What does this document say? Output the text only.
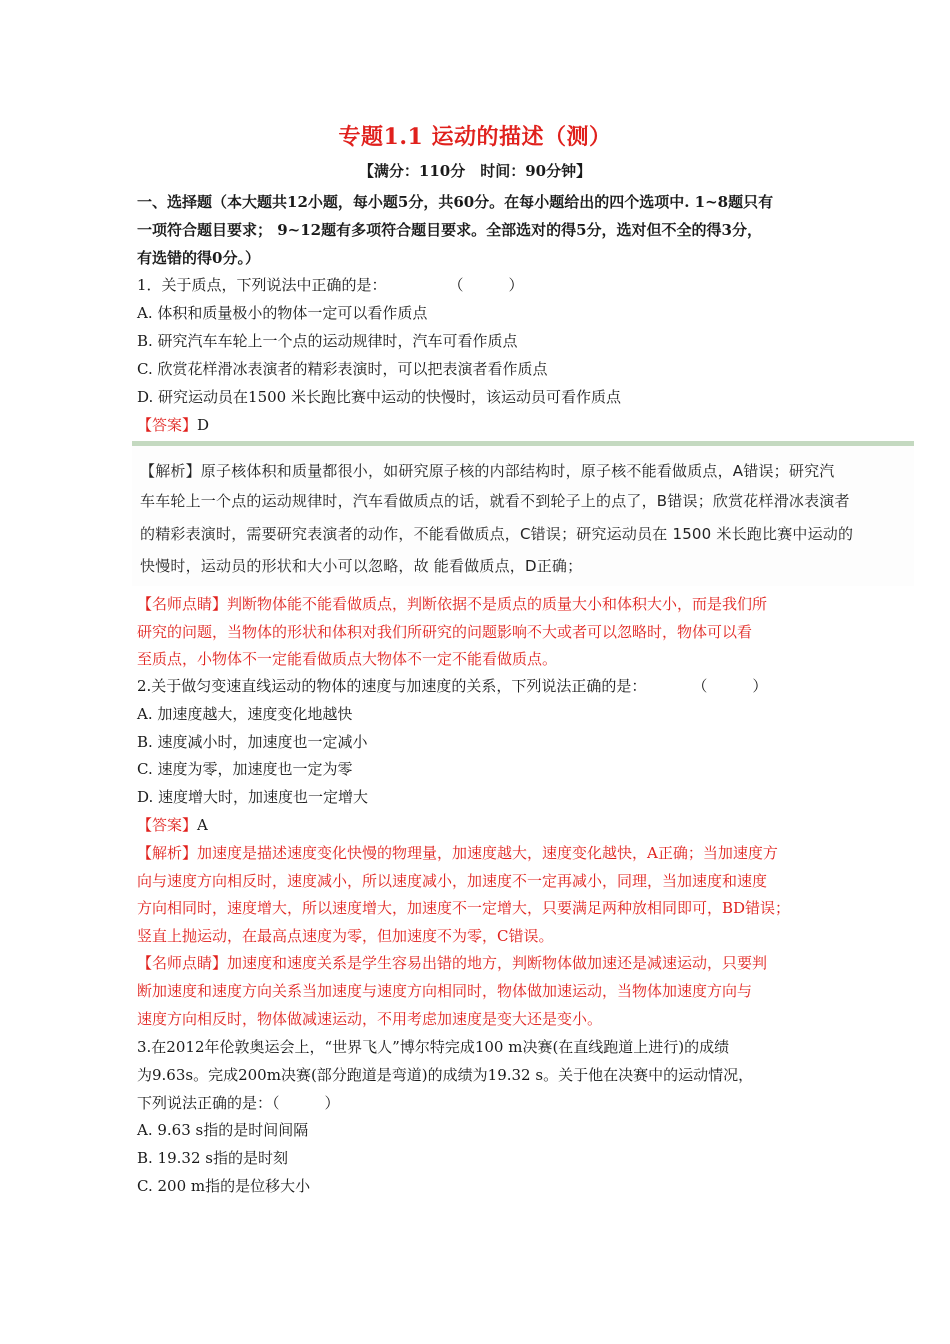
专题1.1 运动的描述（测）
【满分：110分　时间：90分钟】
一、选择题（本大题共12小题，每小题5分，共60分。在每小题给出的四个选项中. 1~8题只有
一项符合题目要求； 9~12题有多项符合题目要求。全部选对的得5分，选对但不全的得3分，
有选错的得0分。）
1．关于质点，下列说法中正确的是：	（　　　）
A. 体积和质量极小的物体一定可以看作质点
B. 研究汽车车轮上一个点的运动规律时，汽车可看作质点
C. 欣赏花样滑冰表演者的精彩表演时，可以把表演者看作质点
D. 研究运动员在1500 米长跑比赛中运动的快慢时，该运动员可看作质点
【答案】D
【解析】原子核体积和质量都很小，如研究原子核的内部结构时，原子核不能看做质点，A错误；研究汽
车车轮上一个点的运动规律时，汽车看做质点的话，就看不到轮子上的点了，B错误；欣赏花样滑冰表演者
的精彩表演时，需要研究表演者的动作，不能看做质点，C错误；研究运动员在 1500 米长跑比赛中运动的
快慢时，运动员的形状和大小可以忽略，故 能看做质点，D正确；
【名师点睛】判断物体能不能看做质点，判断依据不是质点的质量大小和体积大小，而是我们所
研究的问题，当物体的形状和体积对我们所研究的问题影响不大或者可以忽略时，物体可以看
至质点，小物体不一定能看做质点大物体不一定不能看做质点。
2.关于做匀变速直线运动的物体的速度与加速度的关系，下列说法正确的是：	（　　　）
A. 加速度越大，速度变化地越快
B. 速度减小时，加速度也一定减小
C. 速度为零，加速度也一定为零
D. 速度增大时，加速度也一定增大
【答案】A
【解析】加速度是描述速度变化快慢的物理量，加速度越大，速度变化越快，A正确；当加速度方
向与速度方向相反时，速度减小，所以速度减小，加速度不一定再减小，同理，当加速度和速度
方向相同时，速度增大，所以速度增大，加速度不一定增大，只要满足两种放相同即可，BD错误；
竖直上抛运动，在最高点速度为零，但加速度不为零，C错误。
【名师点睛】加速度和速度关系是学生容易出错的地方，判断物体做加速还是减速运动，只要判
断加速度和速度方向关系当加速度与速度方向相同时，物体做加速运动，当物体加速度方向与
速度方向相反时，物体做减速运动，不用考虑加速度是变大还是变小。
3.在2012年伦敦奥运会上，“世界飞人”博尔特完成100 m决赛(在直线跑道上进行)的成绩
为9.63s。完成200m决赛(部分跑道是弯道)的成绩为19.32 s。关于他在决赛中的运动情况，
下列说法正确的是：（　　　）
A. 9.63 s指的是时间间隔
B. 19.32 s指的是时刻
C. 200 m指的是位移大小
